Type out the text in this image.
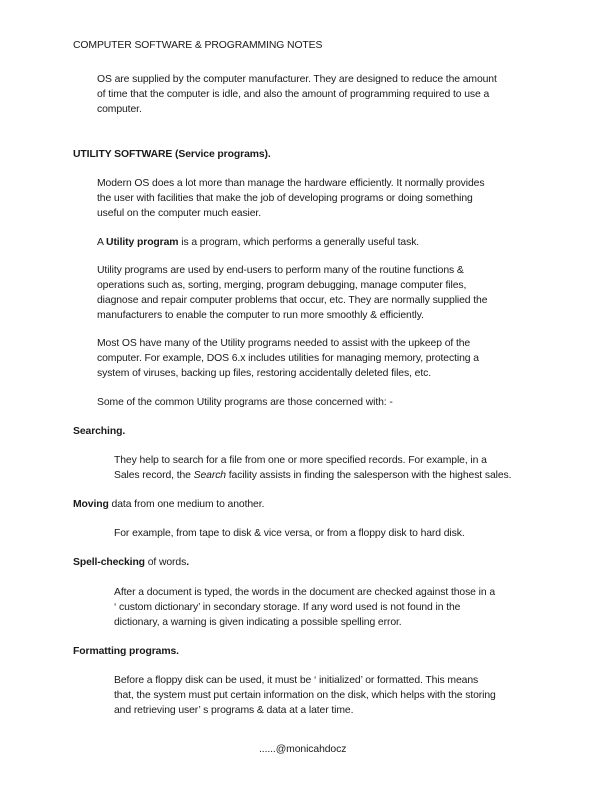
COMPUTER SOFTWARE & PROGRAMMING NOTES
OS are supplied by the computer manufacturer. They are designed to reduce the amount
of time that the computer is idle, and also the amount of programming required to use a
computer.
UTILITY SOFTWARE (Service programs).
Modern OS does a lot more than manage the hardware efficiently. It normally provides
the user with facilities that make the job of developing programs or doing something
useful on the computer much easier.
A Utility program is a program, which performs a generally useful task.
Utility programs are used by end-users to perform many of the routine functions &
operations such as, sorting, merging, program debugging, manage computer files,
diagnose and repair computer problems that occur, etc. They are normally supplied the
manufacturers to enable the computer to run more smoothly & efficiently.
Most OS have many of the Utility programs needed to assist with the upkeep of the
computer. For example, DOS 6.x includes utilities for managing memory, protecting a
system of viruses, backing up files, restoring accidentally deleted files, etc.
Some of the common Utility programs are those concerned with: -
Searching.
They help to search for a file from one or more specified records. For example, in a
Sales record, the Search facility assists in finding the salesperson with the highest sales.
Moving data from one medium to another.
For example, from tape to disk & vice versa, or from a floppy disk to hard disk.
Spell-checking of words.
After a document is typed, the words in the document are checked against those in a
‘ custom dictionary’ in secondary storage. If any word used is not found in the
dictionary, a warning is given indicating a possible spelling error.
Formatting programs.
Before a floppy disk can be used, it must be ‘ initialized’ or formatted. This means
that, the system must put certain information on the disk, which helps with the storing
and retrieving user’ s programs & data at a later time.
......@monicahdocz
